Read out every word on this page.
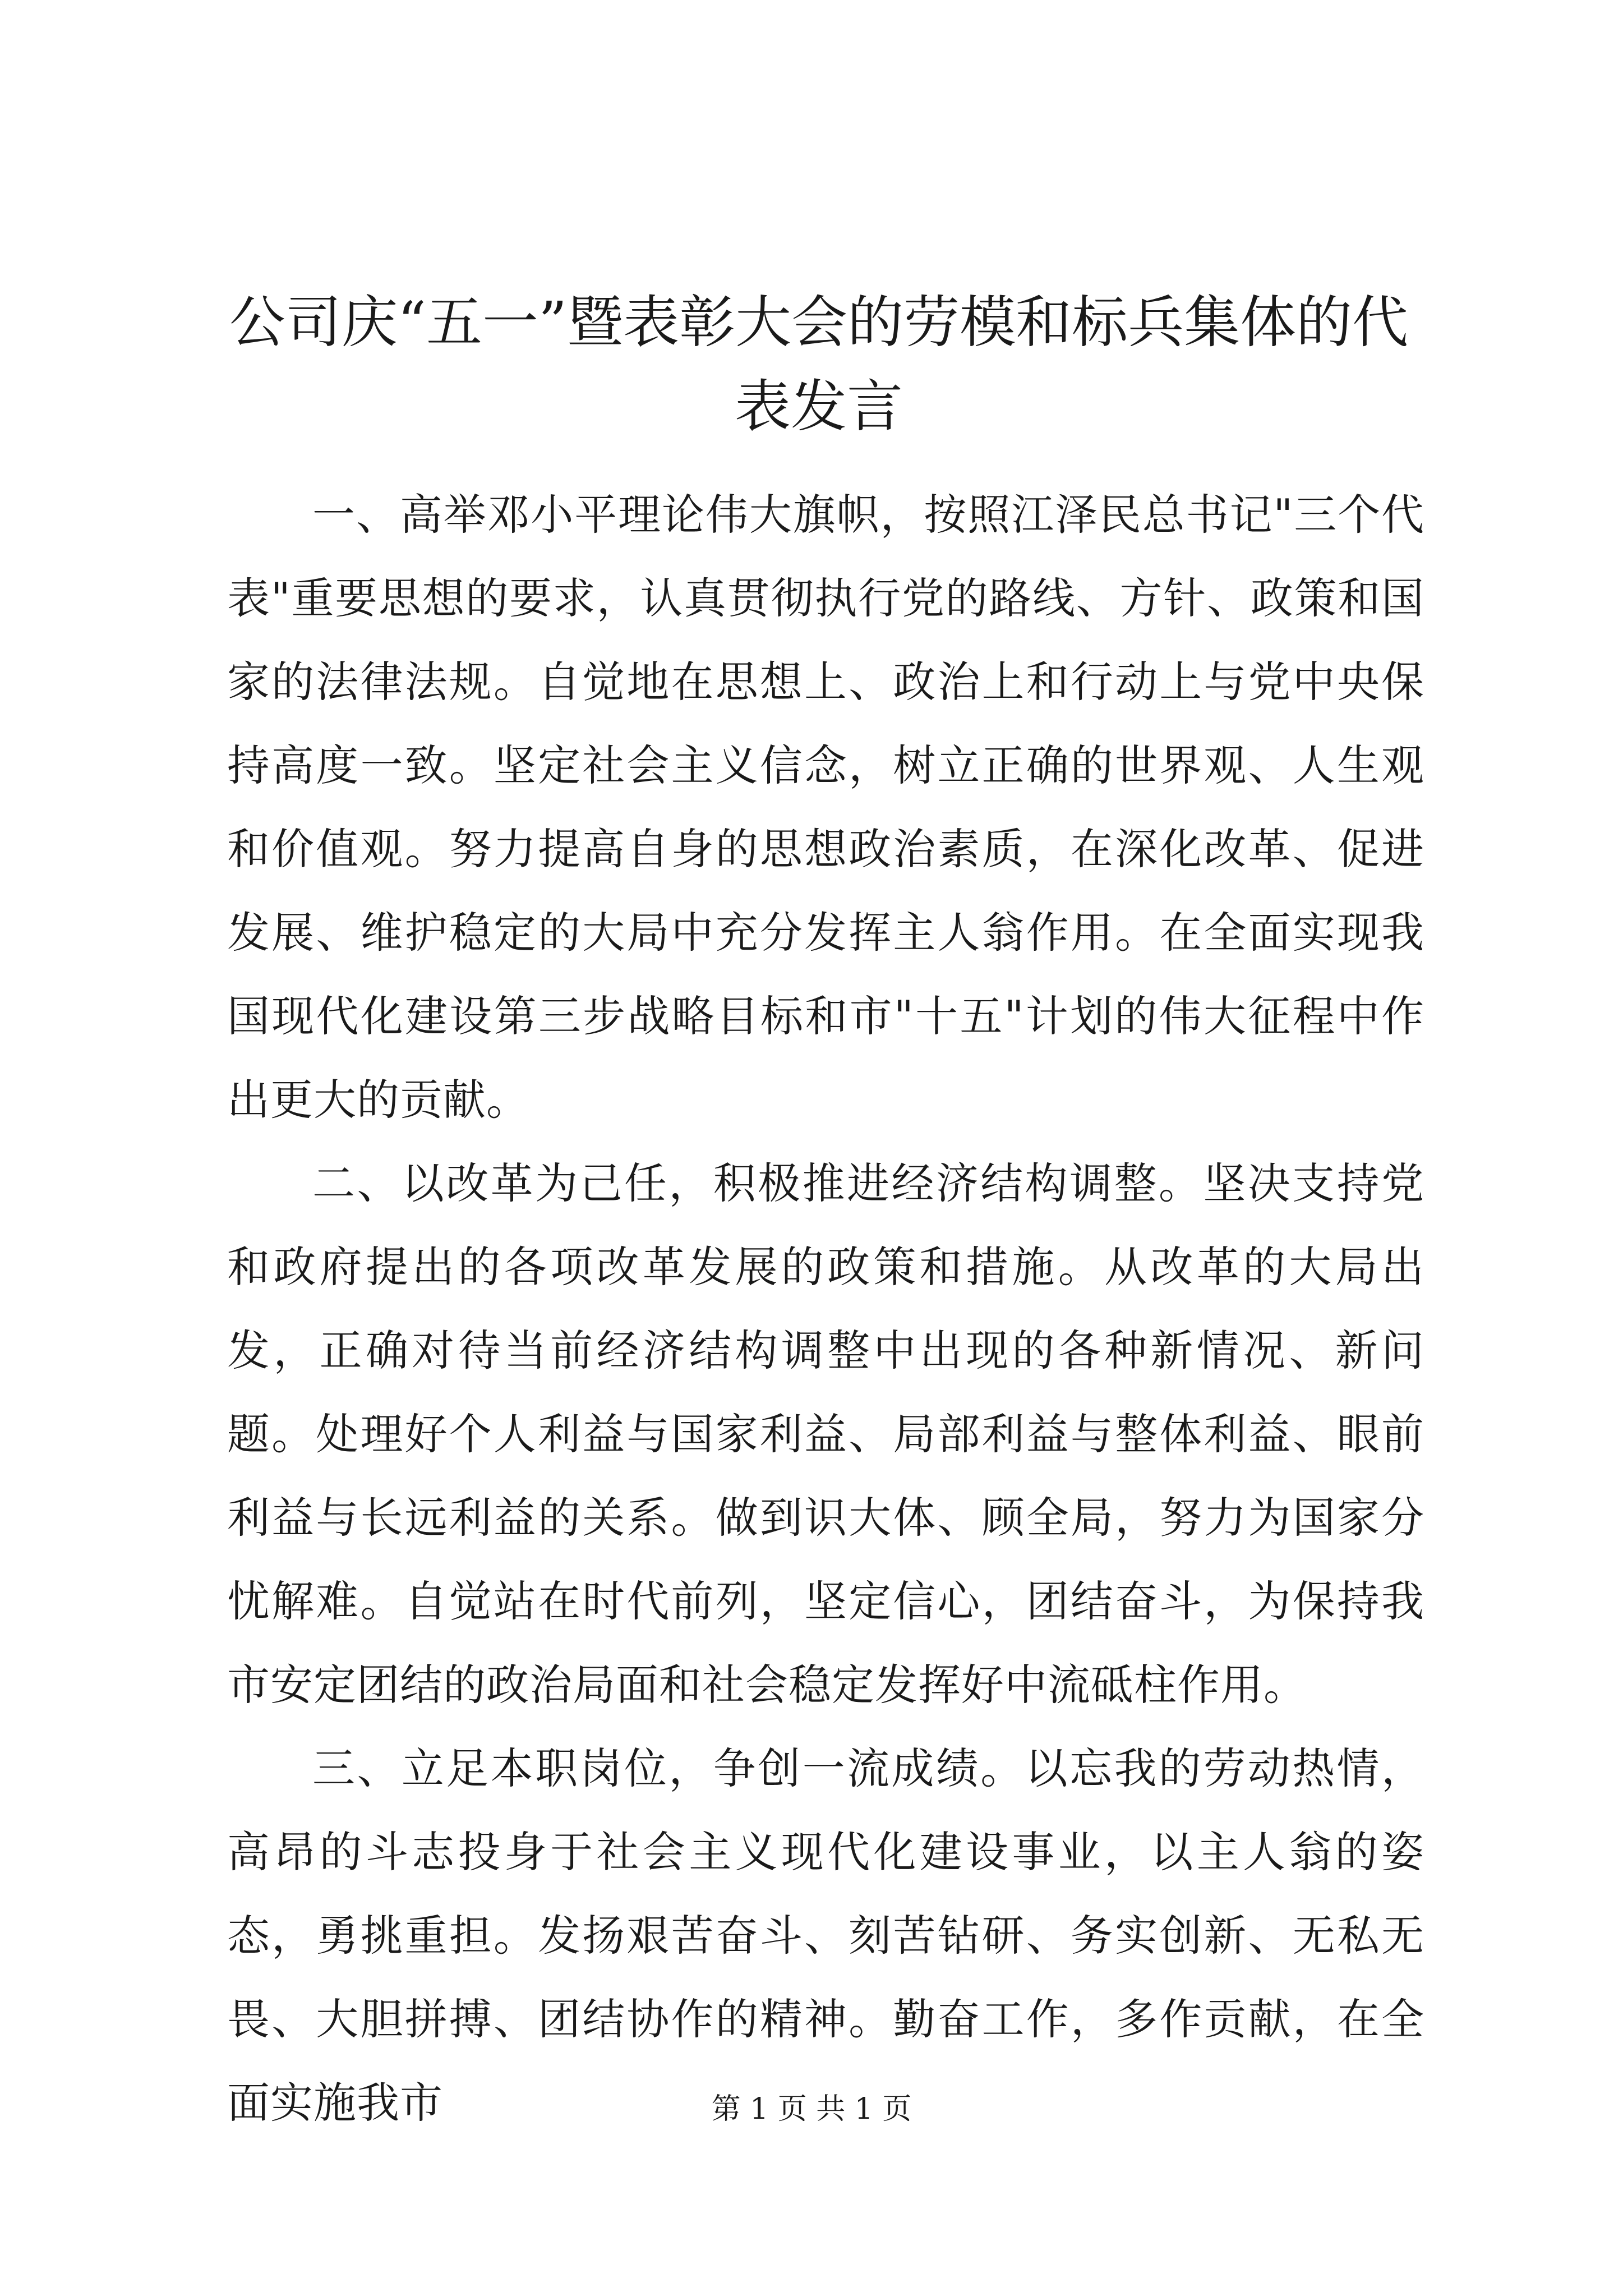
公司庆“五一”暨表彰大会的劳模和标兵集体的代表发言

一、高举邓小平理论伟大旗帜，按照江泽民总书记"三个代表"重要思想的要求，认真贯彻执行党的路线、方针、政策和国家的法律法规。自觉地在思想上、政治上和行动上与党中央保持高度一致。坚定社会主义信念，树立正确的世界观、人生观和价值观。努力提高自身的思想政治素质，在深化改革、促进发展、维护稳定的大局中充分发挥主人翁作用。在全面实现我国现代化建设第三步战略目标和市"十五"计划的伟大征程中作出更大的贡献。

二、以改革为己任，积极推进经济结构调整。坚决支持党和政府提出的各项改革发展的政策和措施。从改革的大局出发，正确对待当前经济结构调整中出现的各种新情况、新问题。处理好个人利益与国家利益、局部利益与整体利益、眼前利益与长远利益的关系。做到识大体、顾全局，努力为国家分忧解难。自觉站在时代前列，坚定信心，团结奋斗，为保持我市安定团结的政治局面和社会稳定发挥好中流砥柱作用。

三、立足本职岗位，争创一流成绩。以忘我的劳动热情，高昂的斗志投身于社会主义现代化建设事业，以主人翁的姿态，勇挑重担。发扬艰苦奋斗、刻苦钻研、务实创新、无私无畏、大胆拼搏、团结协作的精神。勤奋工作，多作贡献，在全面实施我市	第 1 页 共 1 页
